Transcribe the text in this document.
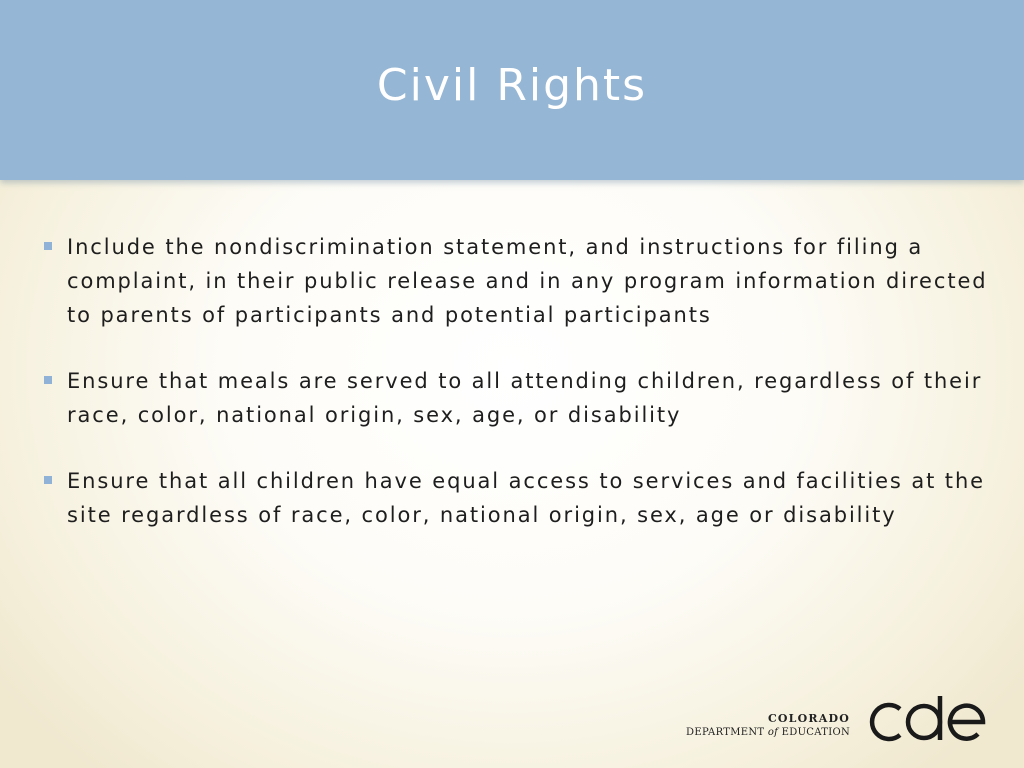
Civil Rights
Include the nondiscrimination statement, and instructions for filing a complaint, in their public release and in any program information directed to parents of participants and potential participants
Ensure that meals are served to all attending children, regardless of their race, color, national origin, sex, age, or disability
Ensure that all children have equal access to services and facilities at the site regardless of race, color, national origin, sex, age or disability
COLORADO
DEPARTMENT of EDUCATION
